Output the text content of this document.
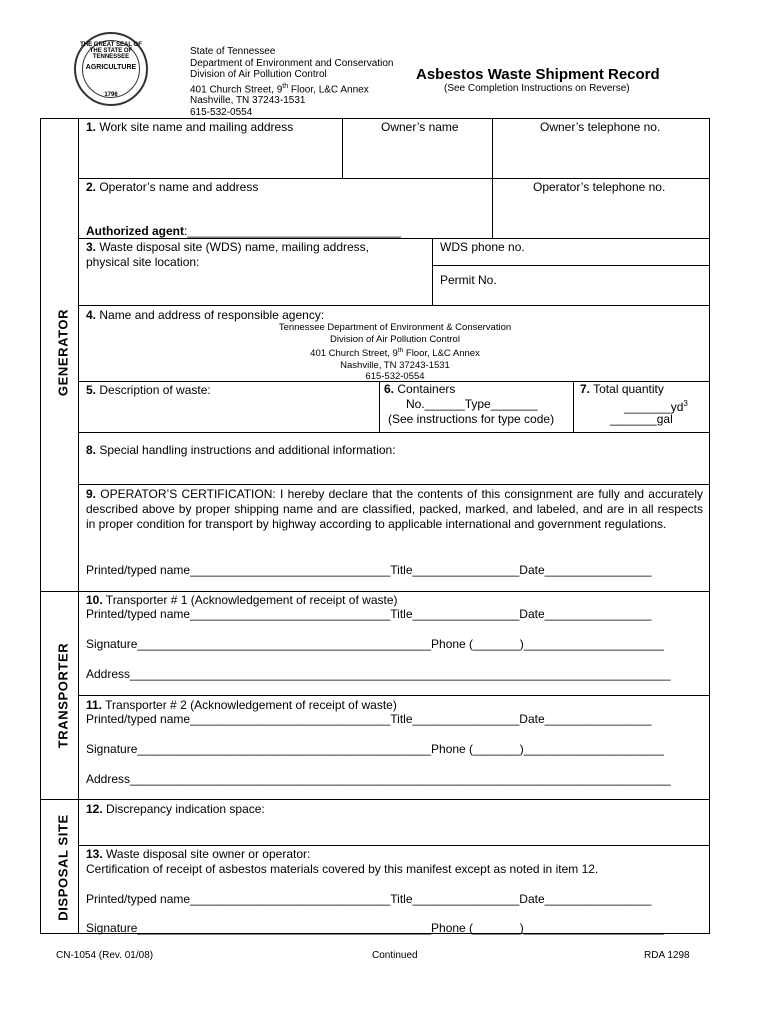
THE GREAT SEAL OF THE STATE OF TENNESSEE
AGRICULTURE
1796
State of Tennessee
Department of Environment and Conservation
Division of Air Pollution Control
401 Church Street, 9th Floor, L&C Annex
Nashville, TN 37243-1531
615-532-0554
Asbestos Waste Shipment Record
(See Completion Instructions on Reverse)
GENERATOR
TRANSPORTER
DISPOSAL SITE
1. Work site name and mailing address	Owner’s name	Owner’s telephone no.
2. Operator’s name and address	Operator’s telephone no.
Authorized agent:________________________________
3. Waste disposal site (WDS) name, mailing address,
physical site location:
WDS phone no.
Permit No.
4. Name and address of responsible agency:
Tennessee Department of Environment & Conservation
Division of Air Pollution Control
401 Church Street, 9th Floor, L&C Annex
Nashville, TN 37243-1531
615-532-0554
5. Description of waste:	6. Containers
No.______Type_______
(See instructions for type code)
7. Total quantity
$\_\_\_\_\_\_\_yd^3$
_______gal
8. Special handling instructions and additional information:
9. OPERATOR’S CERTIFICATION: I hereby declare that the contents of this consignment are fully and accurately described above by proper shipping name and are classified, packed, marked, and labeled, and are in all respects in proper condition for transport by highway according to applicable international and government regulations.
Printed/typed name______________________________Title________________Date________________
10. Transporter # 1 (Acknowledgement of receipt of waste)
Printed/typed name______________________________Title________________Date________________
Signature____________________________________________Phone (_______)_____________________
Address_________________________________________________________________________________
11. Transporter # 2 (Acknowledgement of receipt of waste)
Printed/typed name______________________________Title________________Date________________
Signature____________________________________________Phone (_______)_____________________
Address_________________________________________________________________________________
12. Discrepancy indication space:
13. Waste disposal site owner or operator:
Certification of receipt of asbestos materials covered by this manifest except as noted in item 12.
Printed/typed name______________________________Title________________Date________________
Signature____________________________________________Phone (_______)_____________________
CN-1054 (Rev. 01/08)	Continued	RDA 1298
